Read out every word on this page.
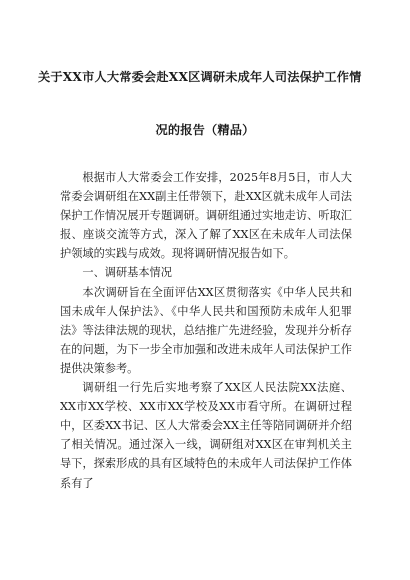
关于XX市人大常委会赴XX区调研未成年人司法保护工作情
况的报告（精品）

根据市人大常委会工作安排，2025年8月5日，市人大常委会调研组在XX副主任带领下，赴XX区就未成年人司法保护工作情况展开专题调研。调研组通过实地走访、听取汇报、座谈交流等方式，深入了解了XX区在未成年人司法保护领域的实践与成效。现将调研情况报告如下。

一、调研基本情况

本次调研旨在全面评估XX区贯彻落实《中华人民共和国未成年人保护法》、《中华人民共和国预防未成年人犯罪法》等法律法规的现状，总结推广先进经验，发现并分析存在的问题，为下一步全市加强和改进未成年人司法保护工作提供决策参考。

调研组一行先后实地考察了XX区人民法院XX法庭、XX市XX学校、XX市XX学校及XX市看守所。在调研过程中，区委XX书记、区人大常委会XX主任等陪同调研并介绍了相关情况。通过深入一线，调研组对XX区在审判机关主导下，探索形成的具有区域特色的未成年人司法保护工作体系有了
